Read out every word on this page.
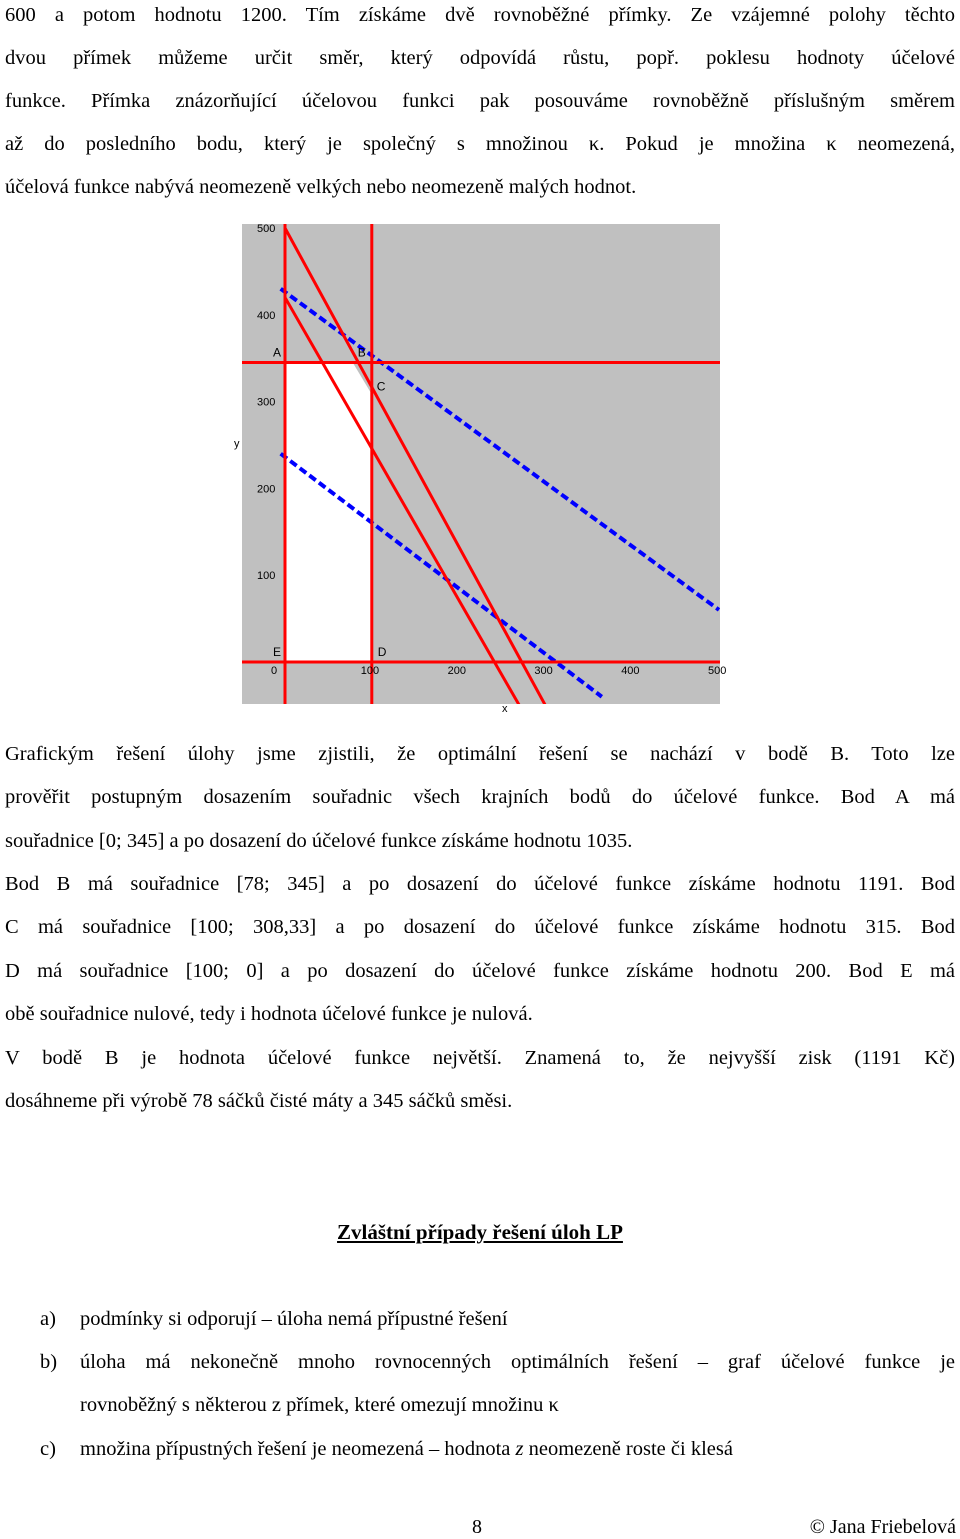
600 a potom hodnotu 1200. Tím získáme dvě rovnoběžné přímky. Ze vzájemné polohy těchto
dvou přímek můžeme určit směr, který odpovídá růstu, popř. poklesu hodnoty účelové
funkce. Přímka znázorňující účelovou funkci pak posouváme rovnoběžně příslušným směrem
až do posledního bodu, který je společný s množinou κ. Pokud je množina κ neomezená,
účelová funkce nabývá neomezeně velkých nebo neomezeně malých hodnot.
100
200
300
400
500
0	100	200	300	400	500
x
y
A	B
C
D
E
Grafickým řešení úlohy jsme zjistili, že optimální řešení se nachází v bodě B. Toto lze
prověřit postupným dosazením souřadnic všech krajních bodů do účelové funkce. Bod A má
souřadnice [0; 345] a po dosazení do účelové funkce získáme hodnotu 1035.
Bod B má souřadnice [78; 345] a po dosazení do účelové funkce získáme hodnotu 1191. Bod
C má souřadnice [100; 308,33] a po dosazení do účelové funkce získáme hodnotu 315. Bod
D má souřadnice [100; 0] a po dosazení do účelové funkce získáme hodnotu 200. Bod E má
obě souřadnice nulové, tedy i hodnota účelové funkce je nulová.
V bodě B je hodnota účelové funkce největší. Znamená to, že nejvyšší zisk (1191 Kč)
dosáhneme při výrobě 78 sáčků čisté máty a 345 sáčků směsi.
Zvláštní případy řešení úloh LP
a) podmínky si odporují – úloha nemá přípustné řešení
b) úloha má nekonečně mnoho rovnocenných optimálních řešení – graf účelové funkce je
rovnoběžný s některou z přímek, které omezují množinu κ
c) množina přípustných řešení je neomezená – hodnota z neomezeně roste či klesá
8	© Jana Friebelová
